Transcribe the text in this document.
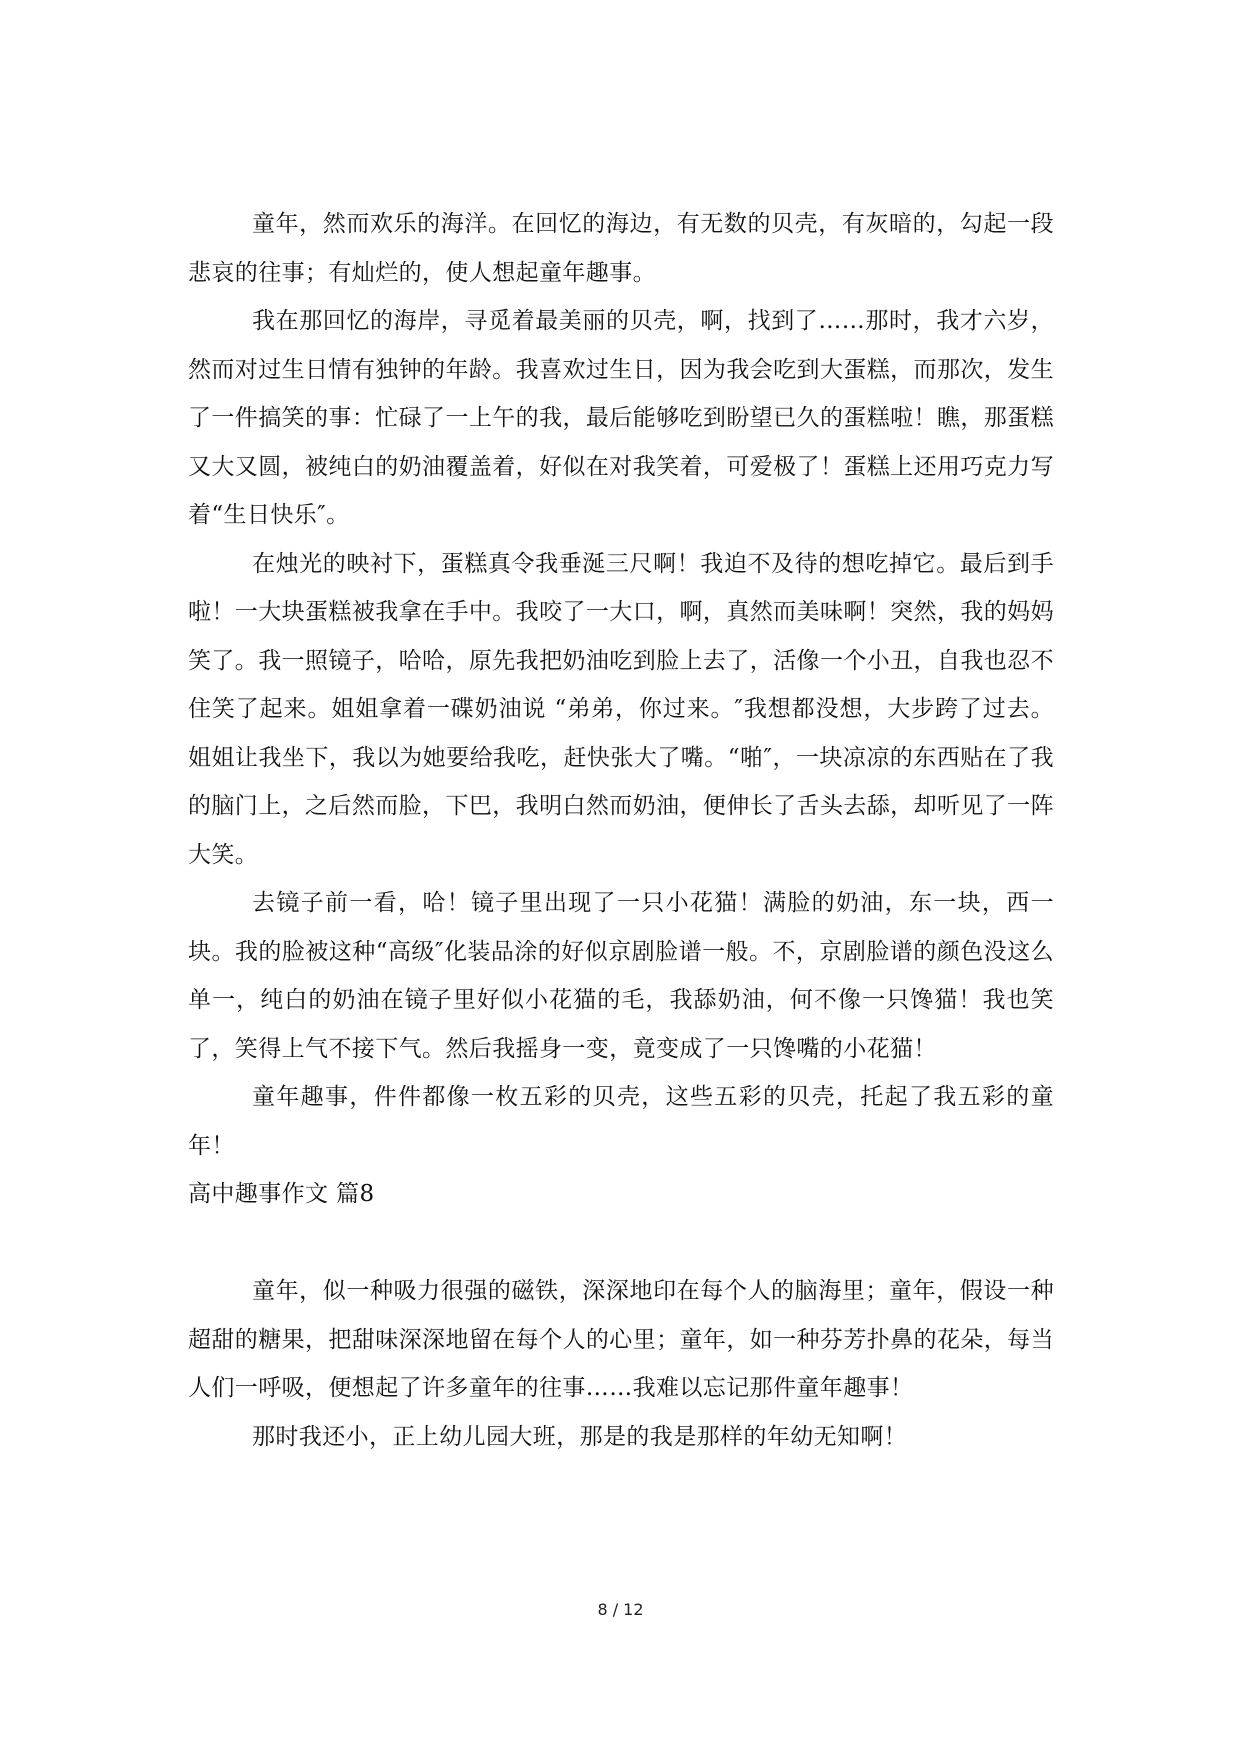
童年，然而欢乐的海洋。在回忆的海边，有无数的贝壳，有灰暗的，勾起一段悲哀的往事；有灿烂的，使人想起童年趣事。

我在那回忆的海岸，寻觅着最美丽的贝壳，啊，找到了……那时，我才六岁，然而对过生日情有独钟的年龄。我喜欢过生日，因为我会吃到大蛋糕，而那次，发生了一件搞笑的事：忙碌了一上午的我，最后能够吃到盼望已久的蛋糕啦！瞧，那蛋糕又大又圆，被纯白的奶油覆盖着，好似在对我笑着，可爱极了！蛋糕上还用巧克力写着“生日快乐″。

在烛光的映衬下，蛋糕真令我垂涎三尺啊！我迫不及待的想吃掉它。最后到手啦！一大块蛋糕被我拿在手中。我咬了一大口，啊，真然而美味啊！突然，我的妈妈笑了。我一照镜子，哈哈，原先我把奶油吃到脸上去了，活像一个小丑，自我也忍不住笑了起来。姐姐拿着一碟奶油说 “弟弟，你过来。″我想都没想，大步跨了过去。姐姐让我坐下，我以为她要给我吃，赶快张大了嘴。“啪″，一块凉凉的东西贴在了我的脑门上，之后然而脸，下巴，我明白然而奶油，便伸长了舌头去舔，却听见了一阵大笑。

去镜子前一看，哈！镜子里出现了一只小花猫！满脸的奶油，东一块，西一块。我的脸被这种“高级″化装品涂的好似京剧脸谱一般。不，京剧脸谱的颜色没这么单一，纯白的奶油在镜子里好似小花猫的毛，我舔奶油，何不像一只馋猫！我也笑了，笑得上气不接下气。然后我摇身一变，竟变成了一只馋嘴的小花猫！

童年趣事，件件都像一枚五彩的贝壳，这些五彩的贝壳，托起了我五彩的童年！

高中趣事作文 篇8

童年，似一种吸力很强的磁铁，深深地印在每个人的脑海里；童年，假设一种超甜的糖果，把甜味深深地留在每个人的心里；童年，如一种芬芳扑鼻的花朵，每当人们一呼吸，便想起了许多童年的往事……我难以忘记那件童年趣事！

那时我还小，正上幼儿园大班，那是的我是那样的年幼无知啊！

8 / 12
